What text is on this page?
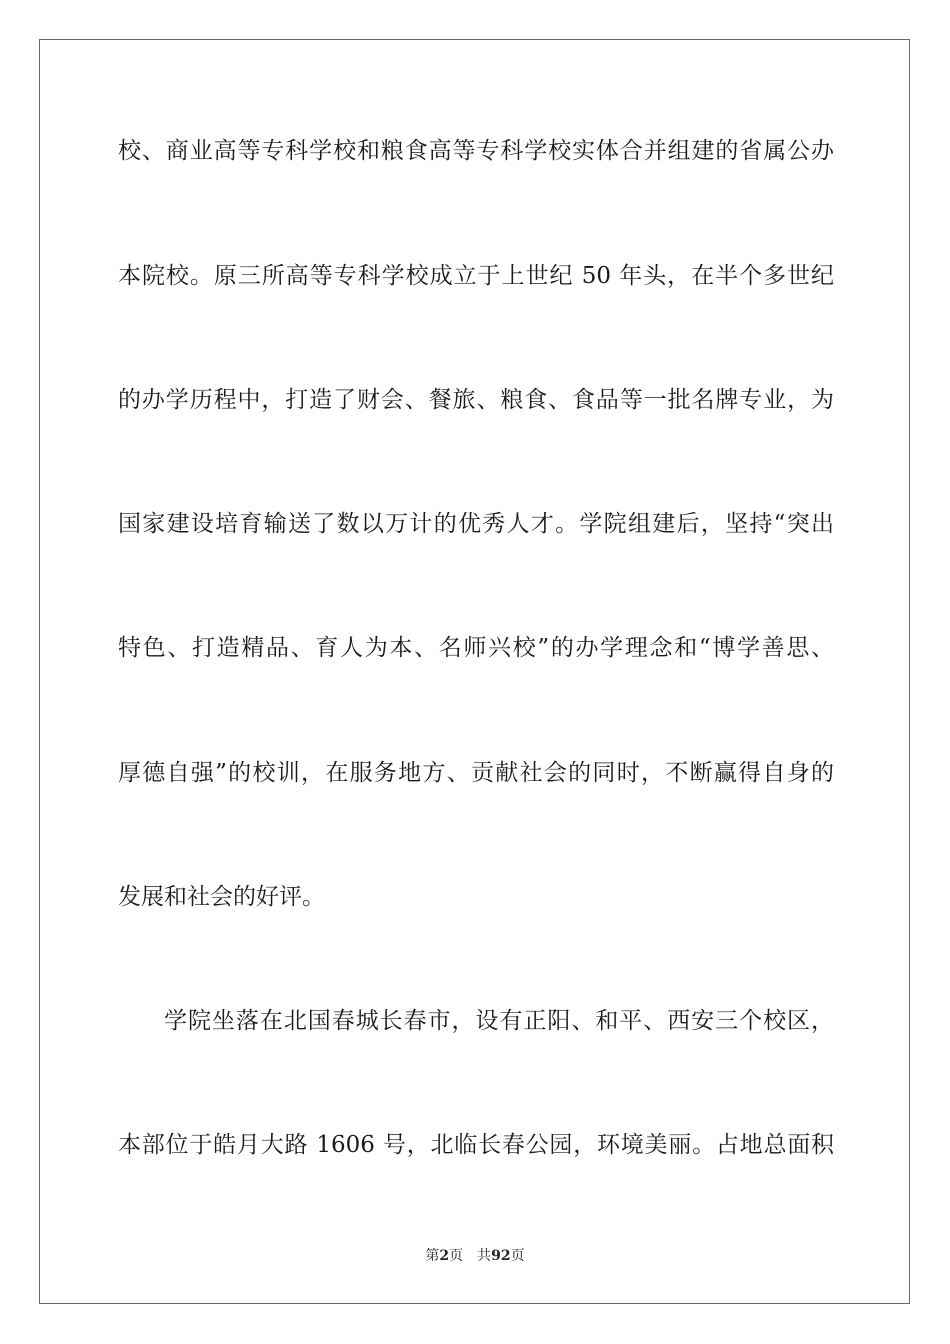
校、商业高等专科学校和粮食高等专科学校实体合并组建的省属公办
本院校。原三所高等专科学校成立于上世纪 50 年头，在半个多世纪
的办学历程中，打造了财会、餐旅、粮食、食品等一批名牌专业，为
国家建设培育输送了数以万计的优秀人才。学院组建后，坚持“突出
特色、打造精品、育人为本、名师兴校”的办学理念和“博学善思、
厚德自强”的校训，在服务地方、贡献社会的同时，不断赢得自身的
发展和社会的好评。
学院坐落在北国春城长春市，设有正阳、和平、西安三个校区，
本部位于皓月大路 1606 号，北临长春公园，环境美丽。占地总面积
第2页 共92页
